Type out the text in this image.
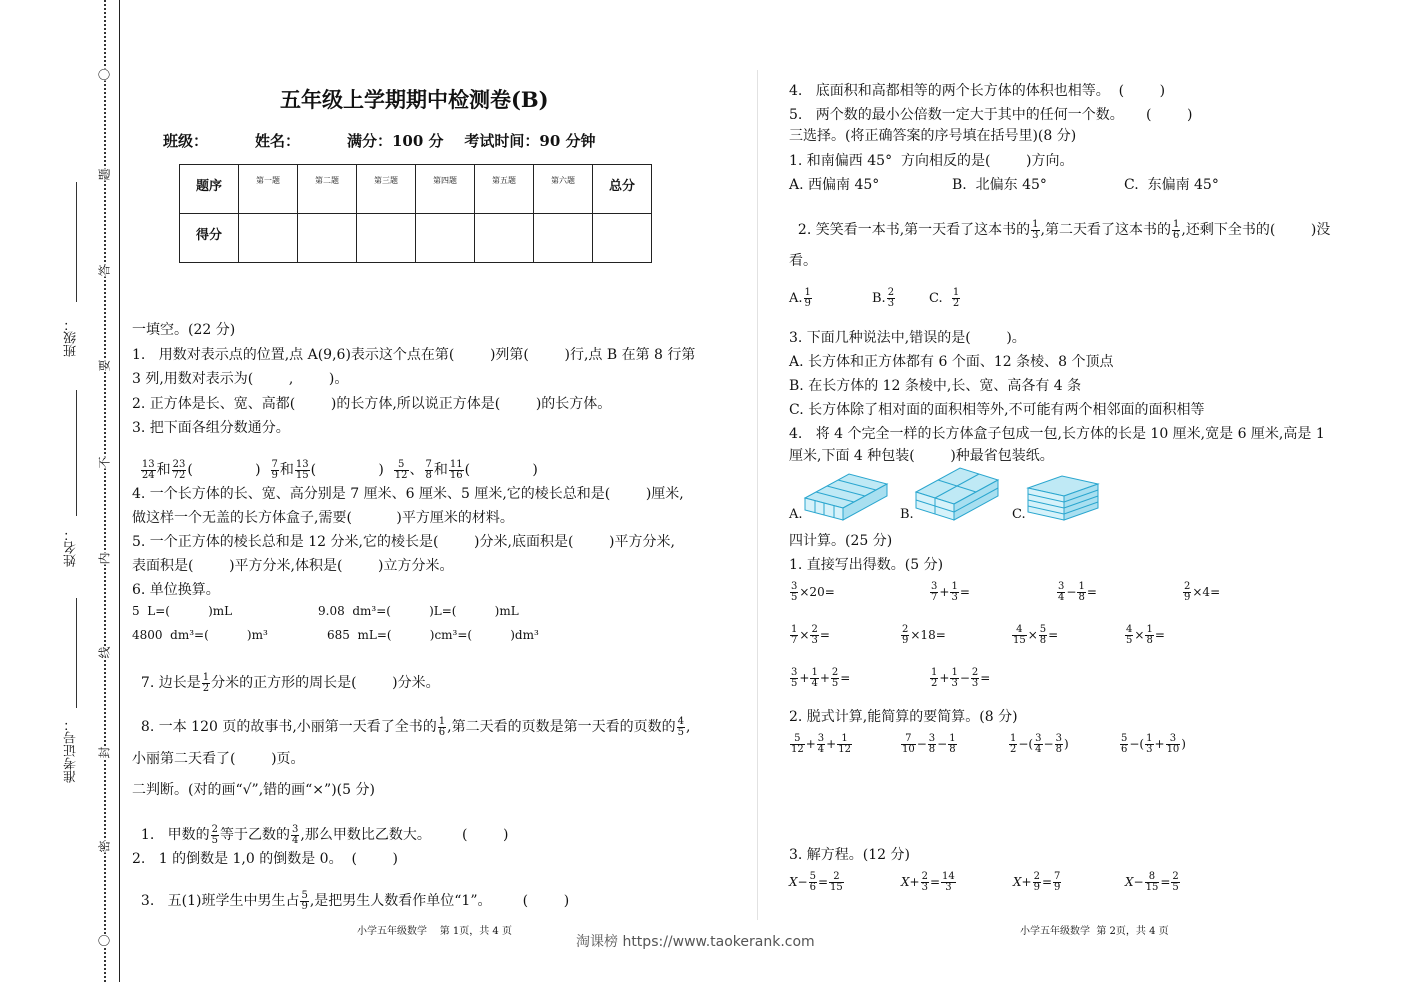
〇
题
答
要
不
内
线
封
密
〇
班级：
姓名：
准考证号：
五年级上学期期中检测卷(B)
班级：         姓名：         满分：100 分    考试时间：90 分钟
题序	第一题	第二题	第三题	第四题	第五题	第六题	总分
得分							
一填空。(22 分)
1.   用数对表示点的位置,点 A(9,6)表示这个点在第(        )列第(        )行,点 B 在第 8 行第
3 列,用数对表示为(        ,        )。
2. 正方体是长、宽、高都(        )的长方体,所以说正方体是(        )的长方体。
3. 把下面各组分数通分。

$\frac{13}{24}$ 和 $\frac{23}{72}$ (              ) $\frac{7}{9}$ 和 $\frac{13}{15}$ (              ) $\frac{5}{12}$ 、 $\frac{7}{8}$ 和 $\frac{11}{16}$ (              )

4. 一个长方体的长、宽、高分别是 7 厘米、6 厘米、5 厘米,它的棱长总和是(        )厘米,
做这样一个无盖的长方体盒子,需要(          )平方厘米的材料。
5. 一个正方体的棱长总和是 12 分米,它的棱长是(        )分米,底面积是(        )平方分米,
表面积是(        )平方分米,体积是(        )立方分米。
6. 单位换算。
5  L=(          )mL	9.08  dm³=(          )L=(          )mL
4800  dm³=(          )m³	685  mL=(          )cm³=(          )dm³

7. 边长是 $\frac{1}{2}$ 分米的正方形的周长是(        )分米。

8. 一本 120 页的故事书,小丽第一天看了全书的 $\frac{1}{6}$ ,第二天看的页数是第一天看的页数的 $\frac{4}{5}$ ,

小丽第二天看了(        )页。
二判断。(对的画“√”,错的画“×”)(5 分)

1.   甲数的 $\frac{2}{5}$ 等于乙数的 $\frac{3}{4}$ ,那么甲数比乙数大。       (        )

2.   1 的倒数是 1,0 的倒数是 0。  (        )

3.   五(1)班学生中男生占 $\frac{5}{9}$ ,是把男生人数看作单位“1”。       (        )

小学五年级数学    第 1页，共 4 页
4.   底面积和高都相等的两个长方体的体积也相等。  (        )
5.   两个数的最小公倍数一定大于其中的任何一个数。     (        )
三选择。(将正确答案的序号填在括号里)(8 分)
1. 和南偏西 45°  方向相反的是(        )方向。
A. 西偏南 45°	B.  北偏东 45°	C.  东偏南 45°

2. 笑笑看一本书,第一天看了这本书的 $\frac{1}{3}$ ,第二天看了这本书的 $\frac{1}{6}$ ,还剩下全书的(        )没

看。
A. $\frac{1}{9}$	B. $\frac{2}{3}$	C. $\frac{1}{2}$
3. 下面几种说法中,错误的是(        )。
A. 长方体和正方体都有 6 个面、12 条棱、8 个顶点
B. 在长方体的 12 条棱中,长、宽、高各有 4 条
C. 长方体除了相对面的面积相等外,不可能有两个相邻面的面积相等
4.   将 4 个完全一样的长方体盒子包成一包,长方体的长是 10 厘米,宽是 6 厘米,高是 1
厘米,下面 4 种包装(        )种最省包装纸。
A.	B.	C.
四计算。(25 分)
1. 直接写出得数。(5 分)
$\frac{3}{5} \times 20=$	$\frac{3}{7} + \frac{1}{3}$ =	$\frac{3}{4} - \frac{1}{8}$ =	$\frac{2}{9} \times 4=$
$\frac{1}{7} \times \frac{2}{3}$ =	$\frac{2}{9} \times 18=$	$\frac{4}{15} \times \frac{5}{8}$ =	$\frac{4}{5} \times \frac{1}{8}$ =
$\frac{3}{5} + \frac{1}{4} + \frac{2}{5}$ =	$\frac{1}{2} + \frac{1}{3} - \frac{2}{3}$ =
2. 脱式计算,能简算的要简算。(8 分)
$\frac{5}{12} + \frac{3}{4} + \frac{1}{12}$	$\frac{7}{10} - \frac{3}{8} - \frac{1}{8}$	$\frac{1}{2}$ −( $\frac{3}{4} - \frac{3}{8}$ )	$\frac{5}{6}$ −( $\frac{1}{3} + \frac{3}{10}$ )
3. 解方程。(12 分)
$X- \frac{5}{6} = \frac{2}{15}$	$X+ \frac{2}{3} = \frac{14}{3}$	$X+ \frac{2}{9} = \frac{7}{9}$	$X- \frac{8}{15} = \frac{2}{5}$
小学五年级数学  第 2页，共 4 页
淘课榜 https://www.taokerank.com
